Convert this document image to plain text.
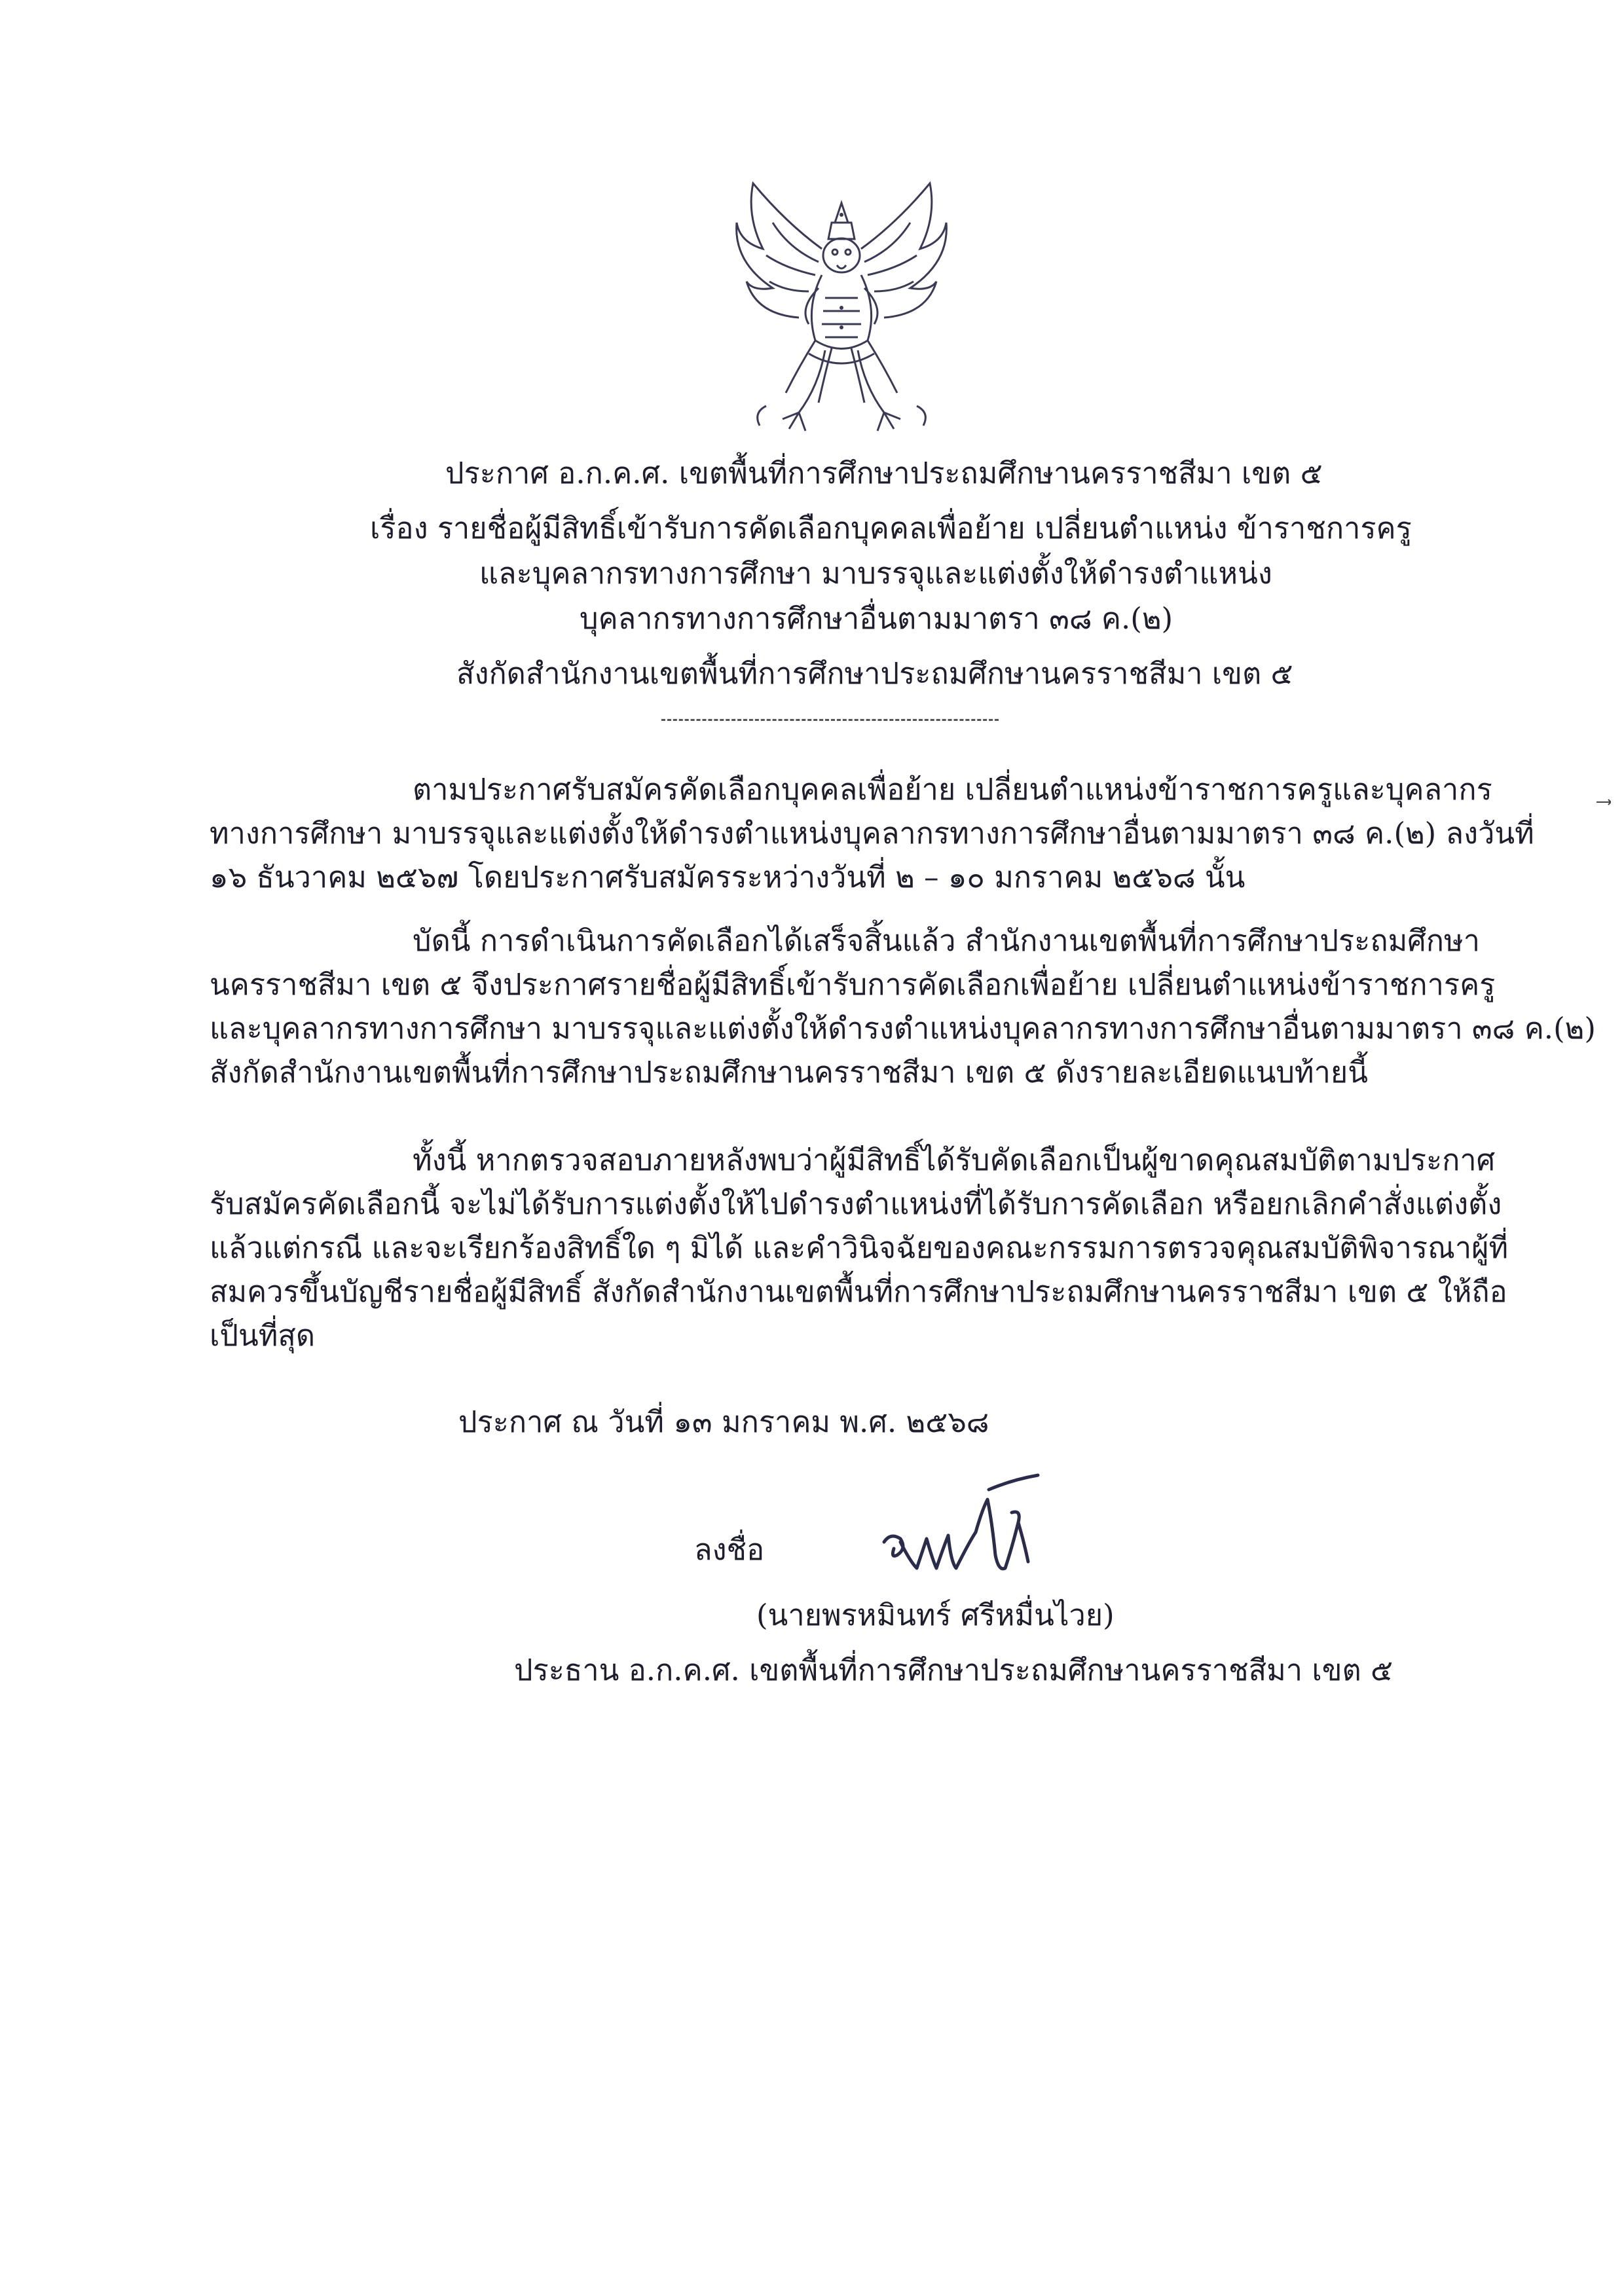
ประกาศ อ.ก.ค.ศ. เขตพื้นที่การศึกษาประถมศึกษานครราชสีมา เขต ๕
เรื่อง รายชื่อผู้มีสิทธิ์เข้ารับการคัดเลือกบุคคลเพื่อย้าย เปลี่ยนตำแหน่ง ข้าราชการครู
และบุคลากรทางการศึกษา มาบรรจุและแต่งตั้งให้ดำรงตำแหน่ง
บุคลากรทางการศึกษาอื่นตามมาตรา ๓๘ ค.(๒)
สังกัดสำนักงานเขตพื้นที่การศึกษาประถมศึกษานครราชสีมา เขต ๕
ตามประกาศรับสมัครคัดเลือกบุคคลเพื่อย้าย เปลี่ยนตำแหน่งข้าราชการครูและบุคลากร
ทางการศึกษา มาบรรจุและแต่งตั้งให้ดำรงตำแหน่งบุคลากรทางการศึกษาอื่นตามมาตรา ๓๘ ค.(๒) ลงวันที่
๑๖ ธันวาคม ๒๕๖๗ โดยประกาศรับสมัครระหว่างวันที่ ๒ – ๑๐ มกราคม ๒๕๖๘ นั้น
บัดนี้ การดำเนินการคัดเลือกได้เสร็จสิ้นแล้ว สำนักงานเขตพื้นที่การศึกษาประถมศึกษา
นครราชสีมา เขต ๕ จึงประกาศรายชื่อผู้มีสิทธิ์เข้ารับการคัดเลือกเพื่อย้าย เปลี่ยนตำแหน่งข้าราชการครู
และบุคลากรทางการศึกษา มาบรรจุและแต่งตั้งให้ดำรงตำแหน่งบุคลากรทางการศึกษาอื่นตามมาตรา ๓๘ ค.(๒)
สังกัดสำนักงานเขตพื้นที่การศึกษาประถมศึกษานครราชสีมา เขต ๕ ดังรายละเอียดแนบท้ายนี้
ทั้งนี้ หากตรวจสอบภายหลังพบว่าผู้มีสิทธิ์ได้รับคัดเลือกเป็นผู้ขาดคุณสมบัติตามประกาศ
รับสมัครคัดเลือกนี้ จะไม่ได้รับการแต่งตั้งให้ไปดำรงตำแหน่งที่ได้รับการคัดเลือก หรือยกเลิกคำสั่งแต่งตั้ง
แล้วแต่กรณี และจะเรียกร้องสิทธิ์ใด ๆ มิได้ และคำวินิจฉัยของคณะกรรมการตรวจคุณสมบัติพิจารณาผู้ที่
สมควรขึ้นบัญชีรายชื่อผู้มีสิทธิ์ สังกัดสำนักงานเขตพื้นที่การศึกษาประถมศึกษานครราชสีมา เขต ๕ ให้ถือ
เป็นที่สุด
ประกาศ ณ วันที่ ๑๓ มกราคม พ.ศ. ๒๕๖๘
ลงชื่อ
(นายพรหมินทร์ ศรีหมื่นไวย)
ประธาน อ.ก.ค.ศ. เขตพื้นที่การศึกษาประถมศึกษานครราชสีมา เขต ๕
